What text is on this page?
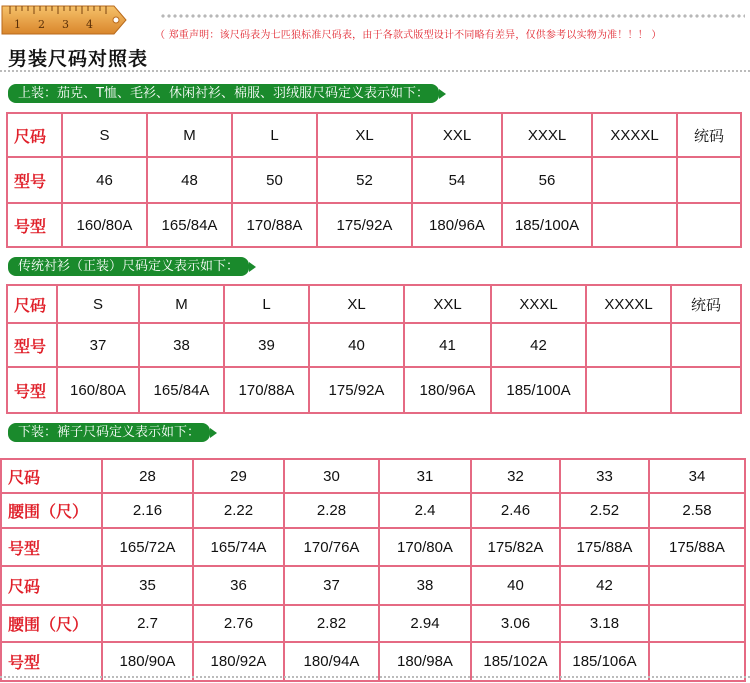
1 2 3 4
（ 郑重声明：该尺码表为七匹狼标准尺码表，由于各款式版型设计不同略有差异，仅供参考以实物为准！！！ ）
男装尺码对照表
上装：茄克、T恤、毛衫、休闲衬衫、棉服、羽绒服尺码定义表示如下：
尺码	S	M	L	XL	XXL	XXXL	XXXXL	统码
型号	46	48	50	52	54	56		
号型	160/80A	165/84A	170/88A	175/92A	180/96A	185/100A		
传统衬衫（正装）尺码定义表示如下：
尺码	S	M	L	XL	XXL	XXXL	XXXXL	统码
型号	37	38	39	40	41	42		
号型	160/80A	165/84A	170/88A	175/92A	180/96A	185/100A		
下装：裤子尺码定义表示如下：
尺码	28	29	30	31	32	33	34
腰围（尺）	2.16	2.22	2.28	2.4	2.46	2.52	2.58
号型	165/72A	165/74A	170/76A	170/80A	175/82A	175/88A	175/88A
尺码	35	36	37	38	40	42	
腰围（尺）	2.7	2.76	2.82	2.94	3.06	3.18	
号型	180/90A	180/92A	180/94A	180/98A	185/102A	185/106A	
